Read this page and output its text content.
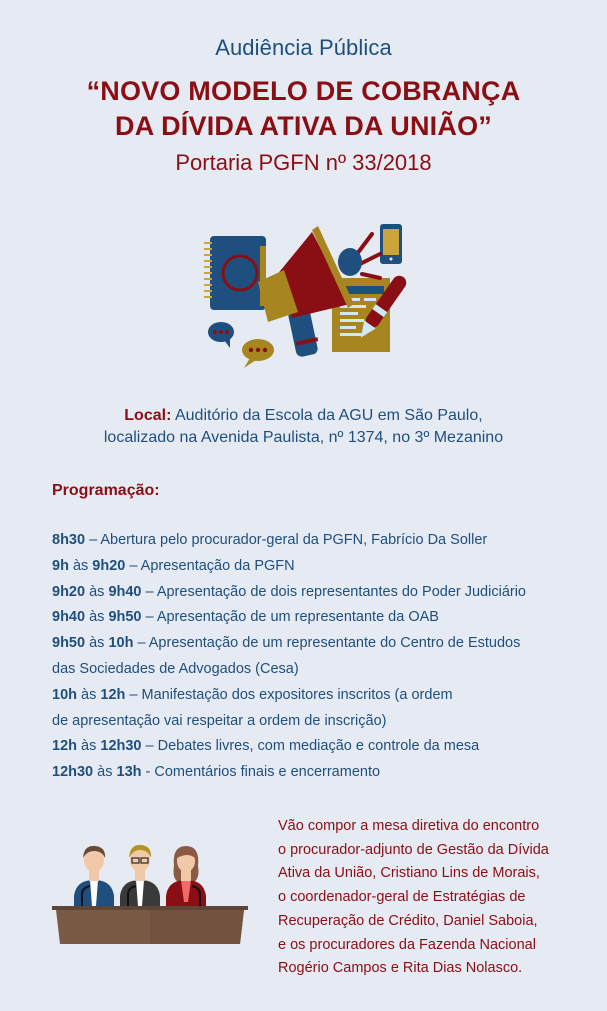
Audiência Pública
“NOVO MODELO DE COBRANÇA
DA DÍVIDA ATIVA DA UNIÃO”
Portaria PGFN nº 33/2018
Local: Auditório da Escola da AGU em São Paulo,
localizado na Avenida Paulista, nº 1374, no 3º Mezanino
Programação:
8h30 – Abertura pelo procurador-geral da PGFN, Fabrício Da Soller
9h às 9h20 – Apresentação da PGFN
9h20 às 9h40 – Apresentação de dois representantes do Poder Judiciário
9h40 às 9h50 – Apresentação de um representante da OAB
9h50 às 10h – Apresentação de um representante do Centro de Estudos das Sociedades de Advogados (Cesa)
10h às 12h – Manifestação dos expositores inscritos (a ordem de apresentação vai respeitar a ordem de inscrição)
12h às 12h30 – Debates livres, com mediação e controle da mesa
12h30 às 13h - Comentários finais e encerramento
Vão compor a mesa diretiva do encontro
o procurador-adjunto de Gestão da Dívida
Ativa da União, Cristiano Lins de Morais,
o coordenador-geral de Estratégias de
Recuperação de Crédito, Daniel Saboia,
e os procuradores da Fazenda Nacional
Rogério Campos e Rita Dias Nolasco.
